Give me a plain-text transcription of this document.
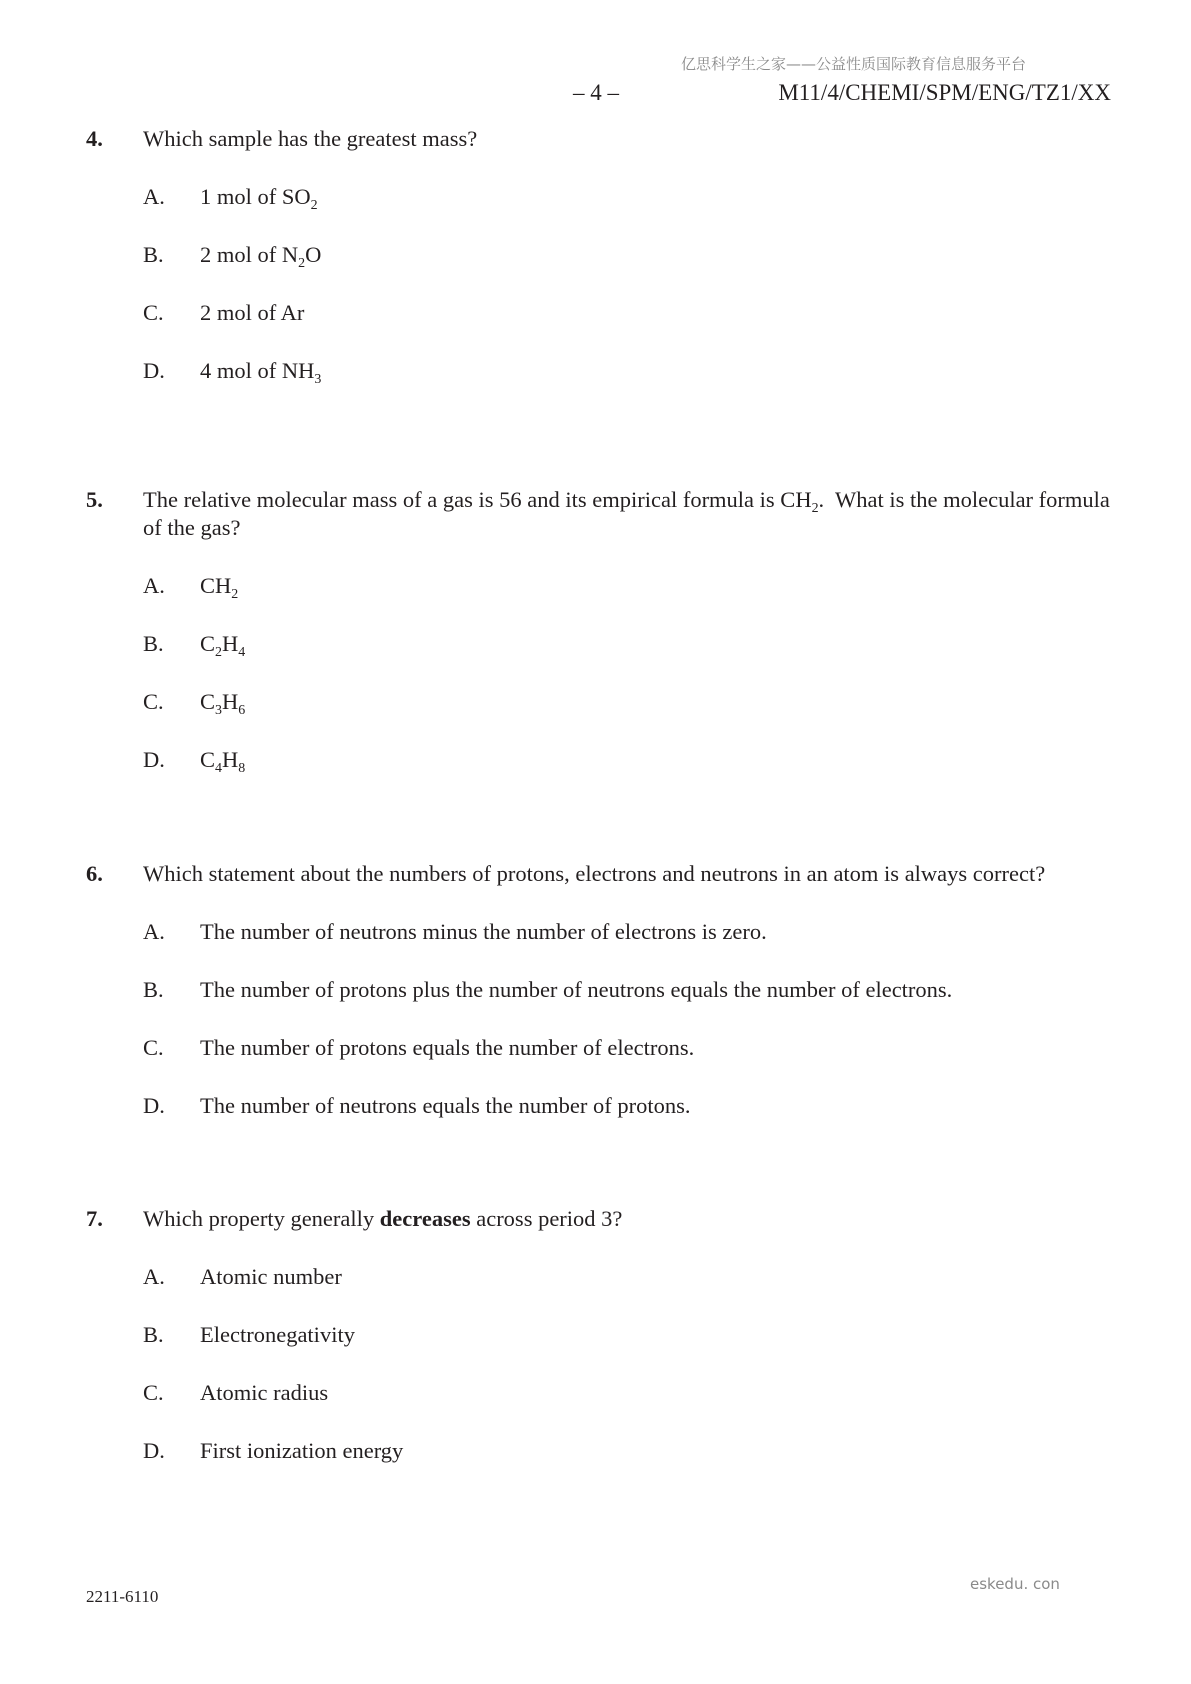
亿思科学生之家——公益性质国际教育信息服务平台
– 4 –	M11/4/CHEMI/SPM/ENG/TZ1/XX
4. Which sample has the greatest mass?
A. 1 mol of $SO_2$
B. 2 mol of $N_2O$
C. 2 mol of Ar
D. 4 mol of $NH_3$
5. The relative molecular mass of a gas is 56 and its empirical formula is $CH_2$.  What is the molecular formula of the gas?
A. $CH_2$
B. $C_2H_4$
C. $C_3H_6$
D. $C_4H_8$
6. Which statement about the numbers of protons, electrons and neutrons in an atom is always correct?
A. The number of neutrons minus the number of electrons is zero.
B. The number of protons plus the number of neutrons equals the number of electrons.
C. The number of protons equals the number of electrons.
D. The number of neutrons equals the number of protons.
7. Which property generally decreases across period 3?
A. Atomic number
B. Electronegativity
C. Atomic radius
D. First ionization energy
2211-6110
eskedu. con
